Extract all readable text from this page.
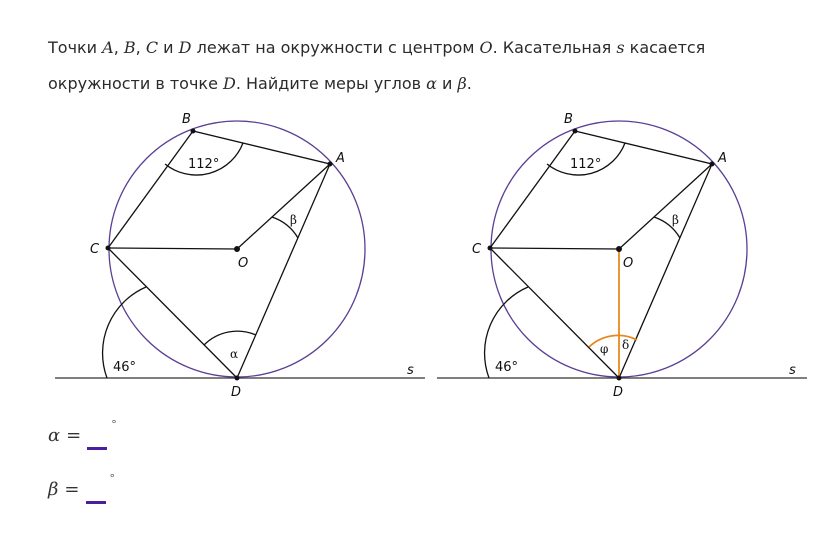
Точки A, B, C и D лежат на окружности с центром O. Касательная s касается окружности в точке D. Найдите меры углов α и β.

B
A
C
O
D
s
112°
46°
α
β
B
A
C
O
D
s
112°
46°
φ δ
β
α =
°
β =
°
